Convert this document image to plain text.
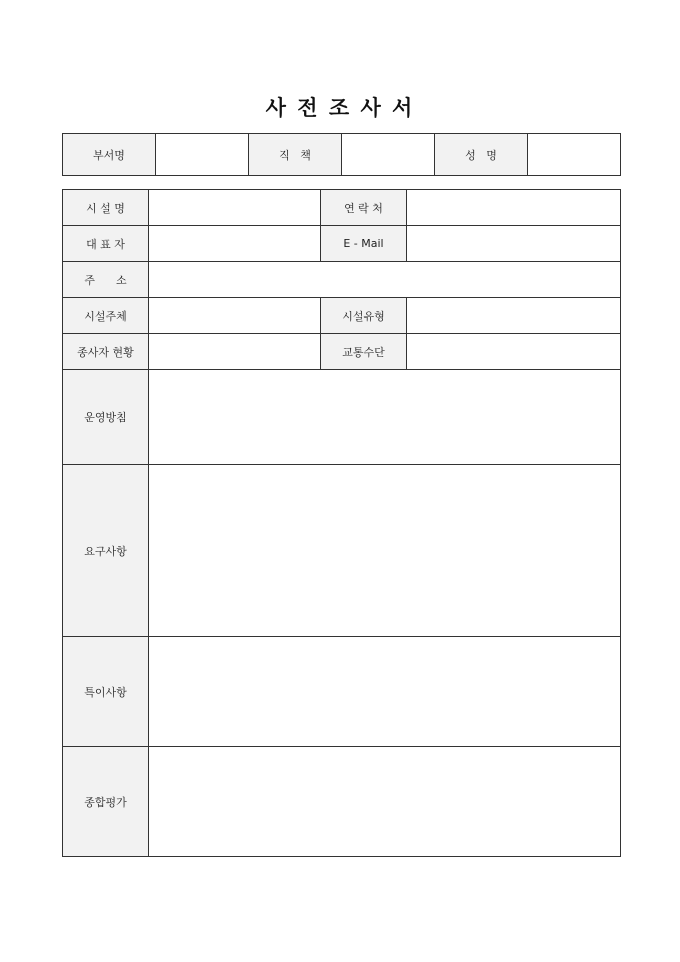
사 전 조 사 서
부서명		직   책		성   명	
시 설 명		연 락 처	
대 표 자		E - Mail	
주      소			
시설주체		시설유형	
종사자 현황		교통수단	
운영방침			
요구사항			
특이사항			
종합평가			
